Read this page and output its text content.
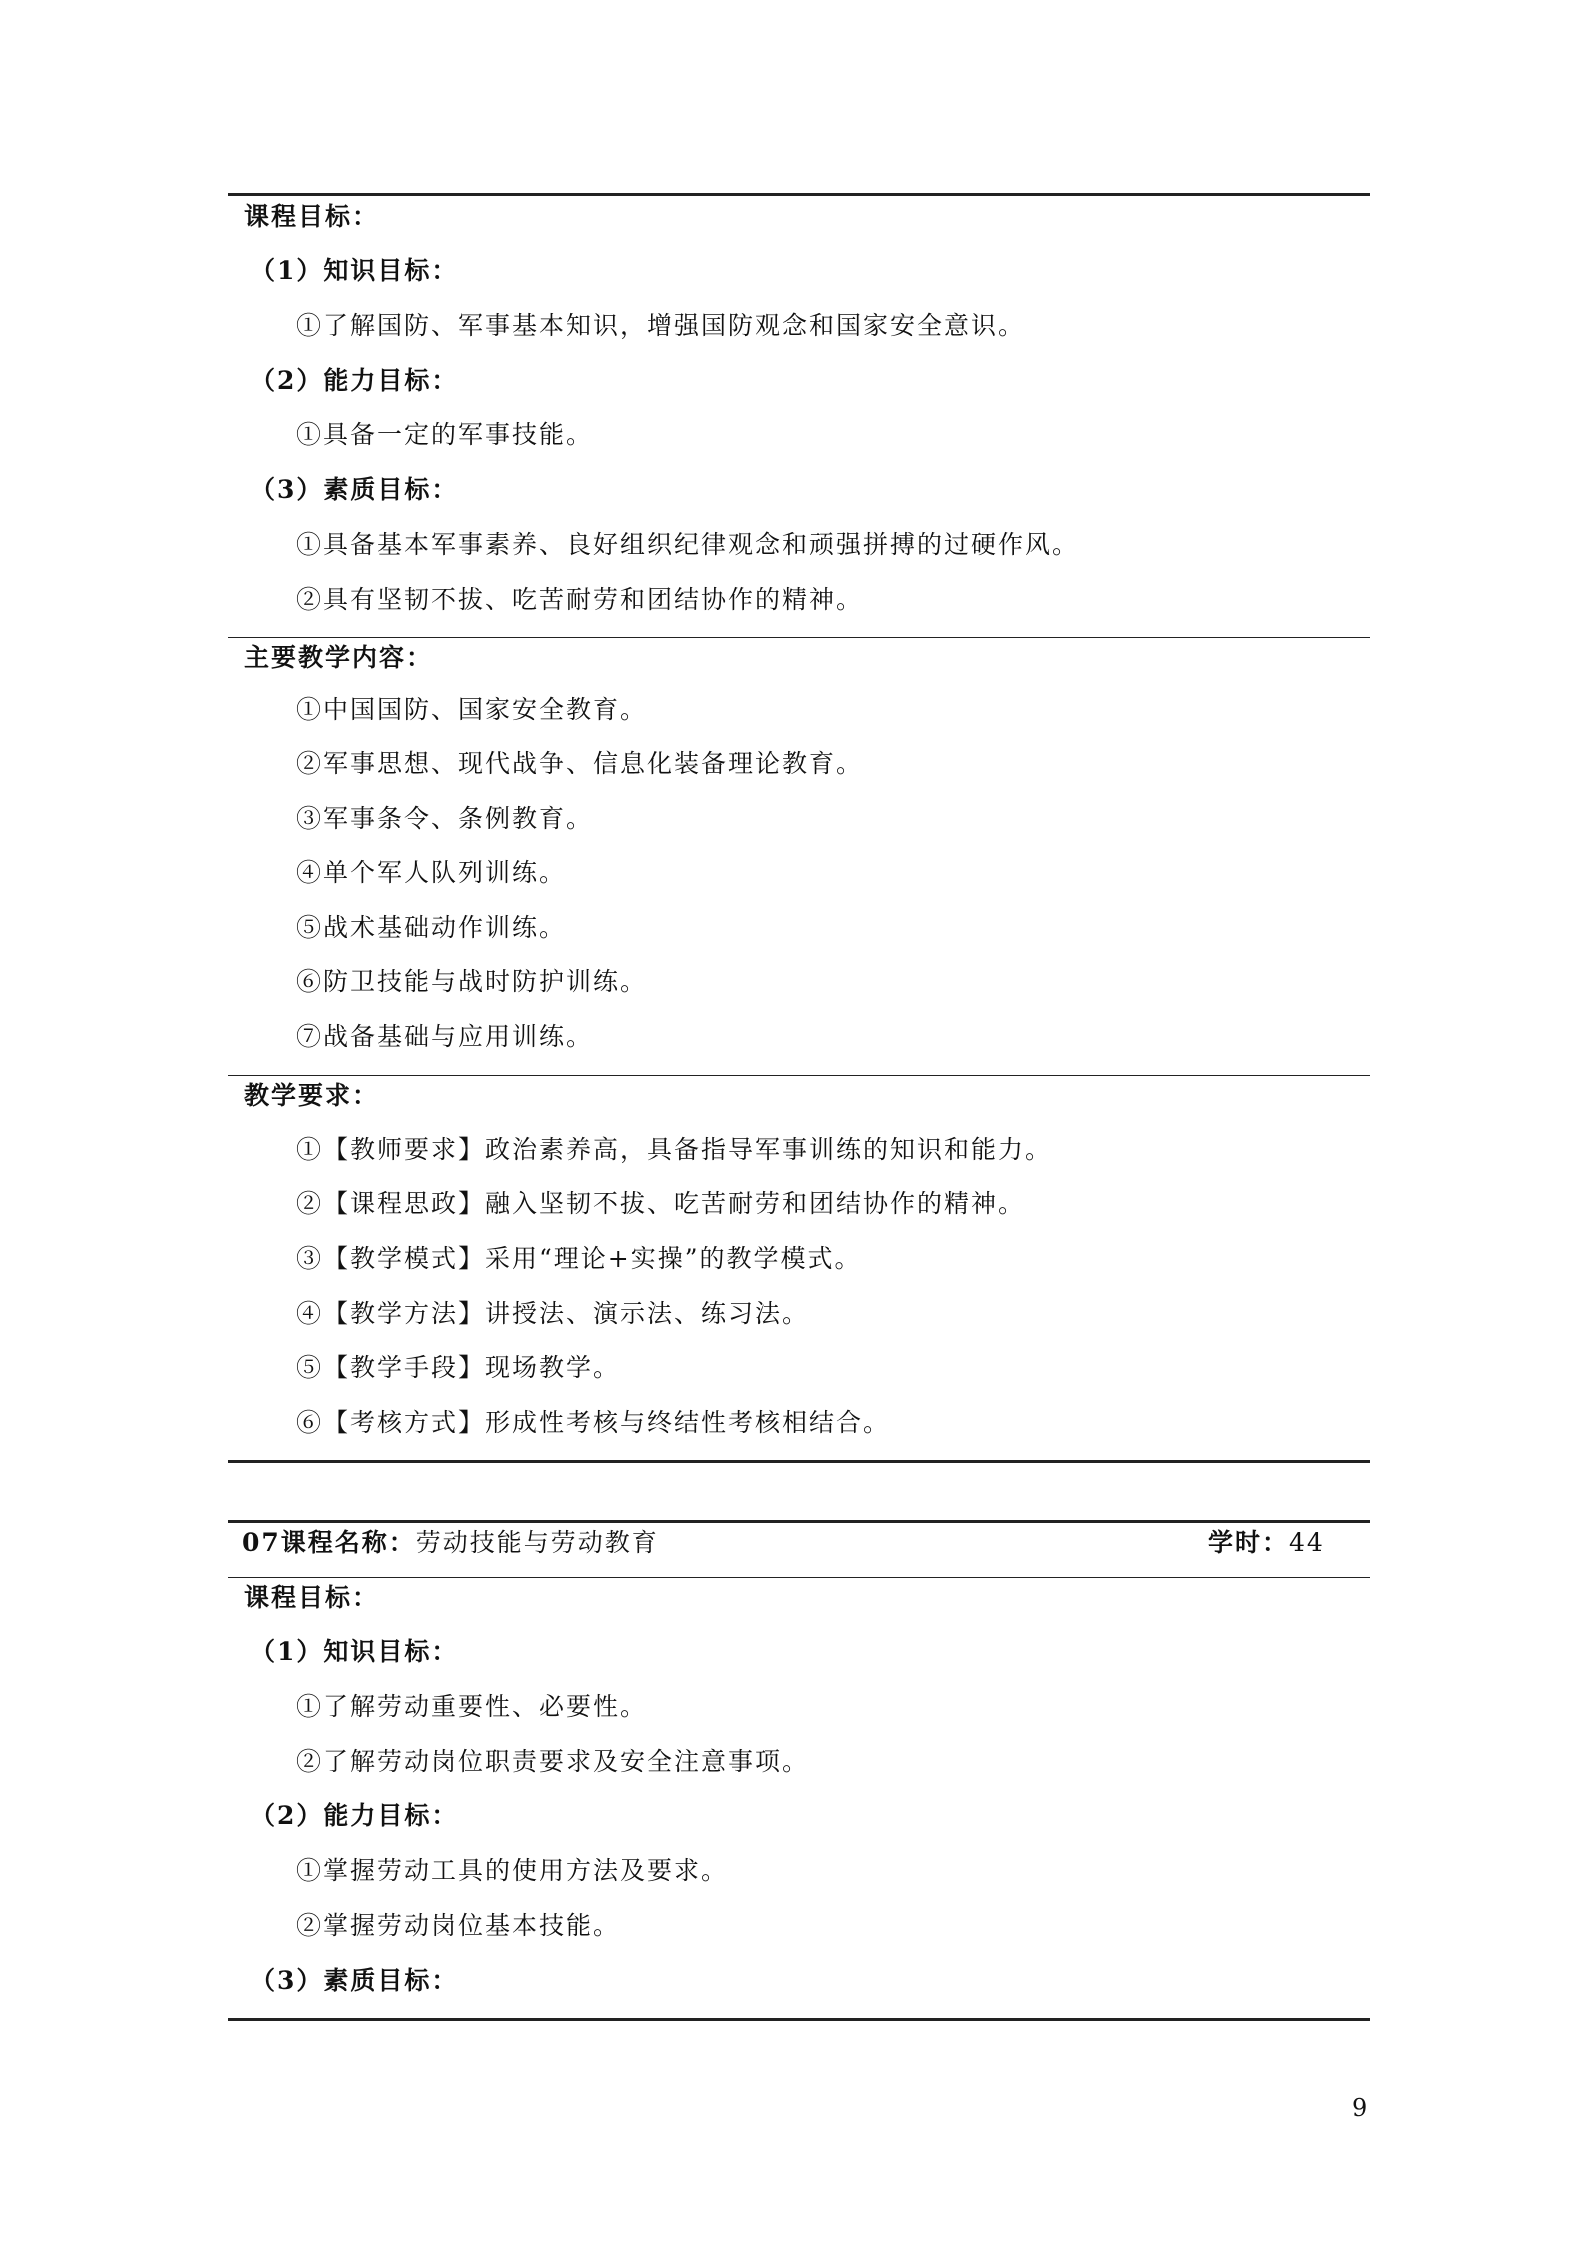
课程目标：
（1）知识目标：
①了解国防、军事基本知识，增强国防观念和国家安全意识。
（2）能力目标：
①具备一定的军事技能。
（3）素质目标：
①具备基本军事素养、良好组织纪律观念和顽强拼搏的过硬作风。
②具有坚韧不拔、吃苦耐劳和团结协作的精神。
主要教学内容：
①中国国防、国家安全教育。
②军事思想、现代战争、信息化装备理论教育。
③军事条令、条例教育。
④单个军人队列训练。
⑤战术基础动作训练。
⑥防卫技能与战时防护训练。
⑦战备基础与应用训练。
教学要求：
①【教师要求】政治素养高，具备指导军事训练的知识和能力。
②【课程思政】融入坚韧不拔、吃苦耐劳和团结协作的精神。
③【教学模式】采用“理论+实操”的教学模式。
④【教学方法】讲授法、演示法、练习法。
⑤【教学手段】现场教学。
⑥【考核方式】形成性考核与终结性考核相结合。
07课程名称：劳动技能与劳动教育	学时：44
课程目标：
（1）知识目标：
①了解劳动重要性、必要性。
②了解劳动岗位职责要求及安全注意事项。
（2）能力目标：
①掌握劳动工具的使用方法及要求。
②掌握劳动岗位基本技能。
（3）素质目标：
9
